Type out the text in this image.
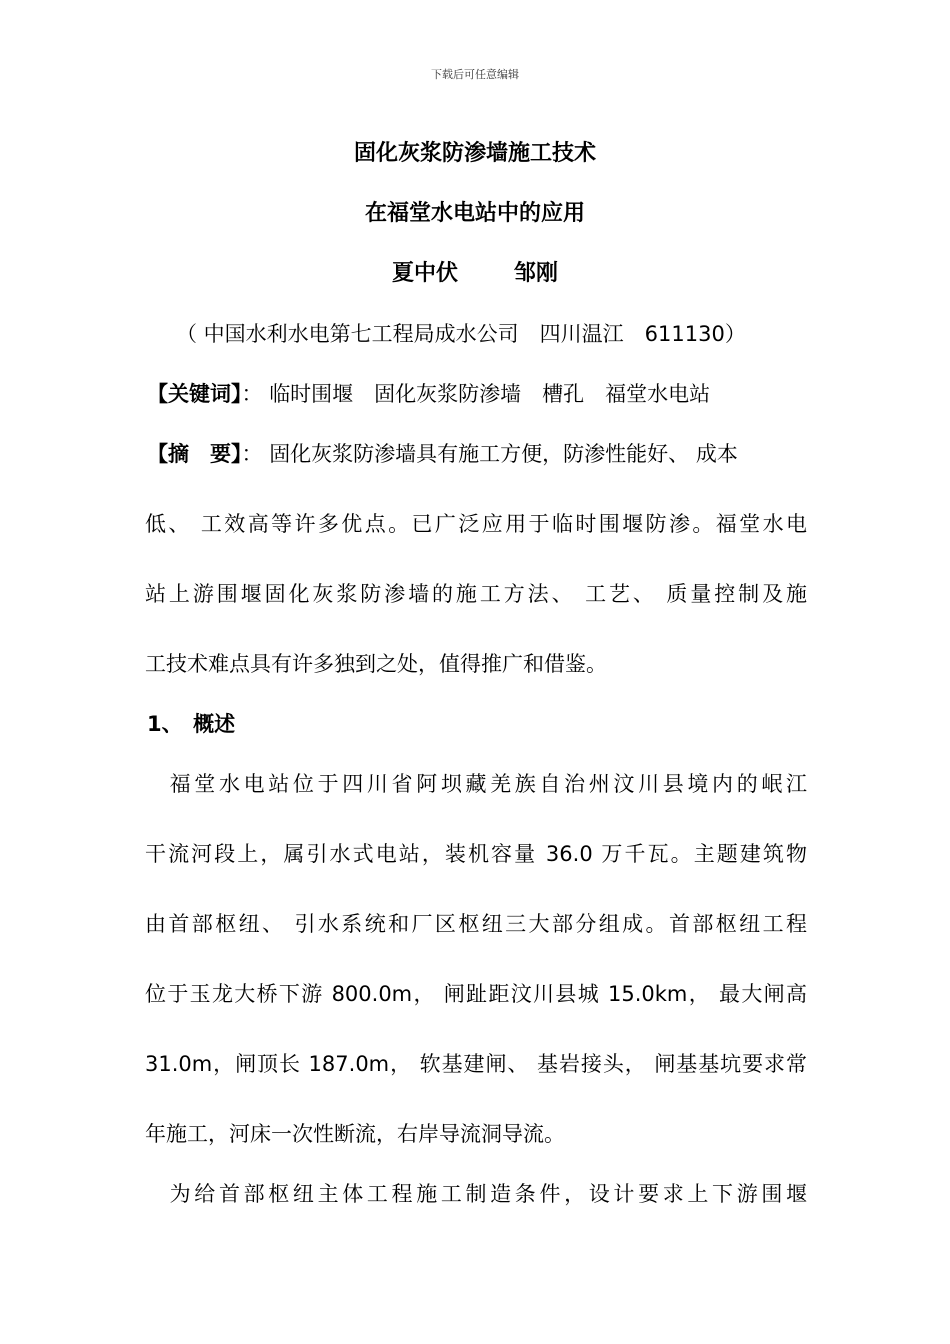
下载后可任意编辑
固化灰浆防渗墙施工技术
在福堂水电站中的应用
夏中伏	邹刚
（ 中国水利水电第七工程局成水公司　四川温江　611130）
【关键词】： 临时围堰　固化灰浆防渗墙　槽孔　福堂水电站
【摘　要】： 固化灰浆防渗墙具有施工方便，防渗性能好、 成本
低、 工效高等许多优点。已广泛应用于临时围堰防渗。福堂水电
站上游围堰固化灰浆防渗墙的施工方法、 工艺、 质量控制及施
工技术难点具有许多独到之处，值得推广和借鉴。
1、　概述
　福堂水电站位于四川省阿坝藏羌族自治州汶川县境内的岷江
干流河段上，属引水式电站，装机容量 36.0 万千瓦。主题建筑物
由首部枢纽、 引水系统和厂区枢纽三大部分组成。首部枢纽工程
位于玉龙大桥下游 800.0m， 闸趾距汶川县城 15.0km， 最大闸高
31.0m，闸顶长 187.0m， 软基建闸、 基岩接头， 闸基基坑要求常
年施工，河床一次性断流，右岸导流洞导流。
　为给首部枢纽主体工程施工制造条件，设计要求上下游围堰
